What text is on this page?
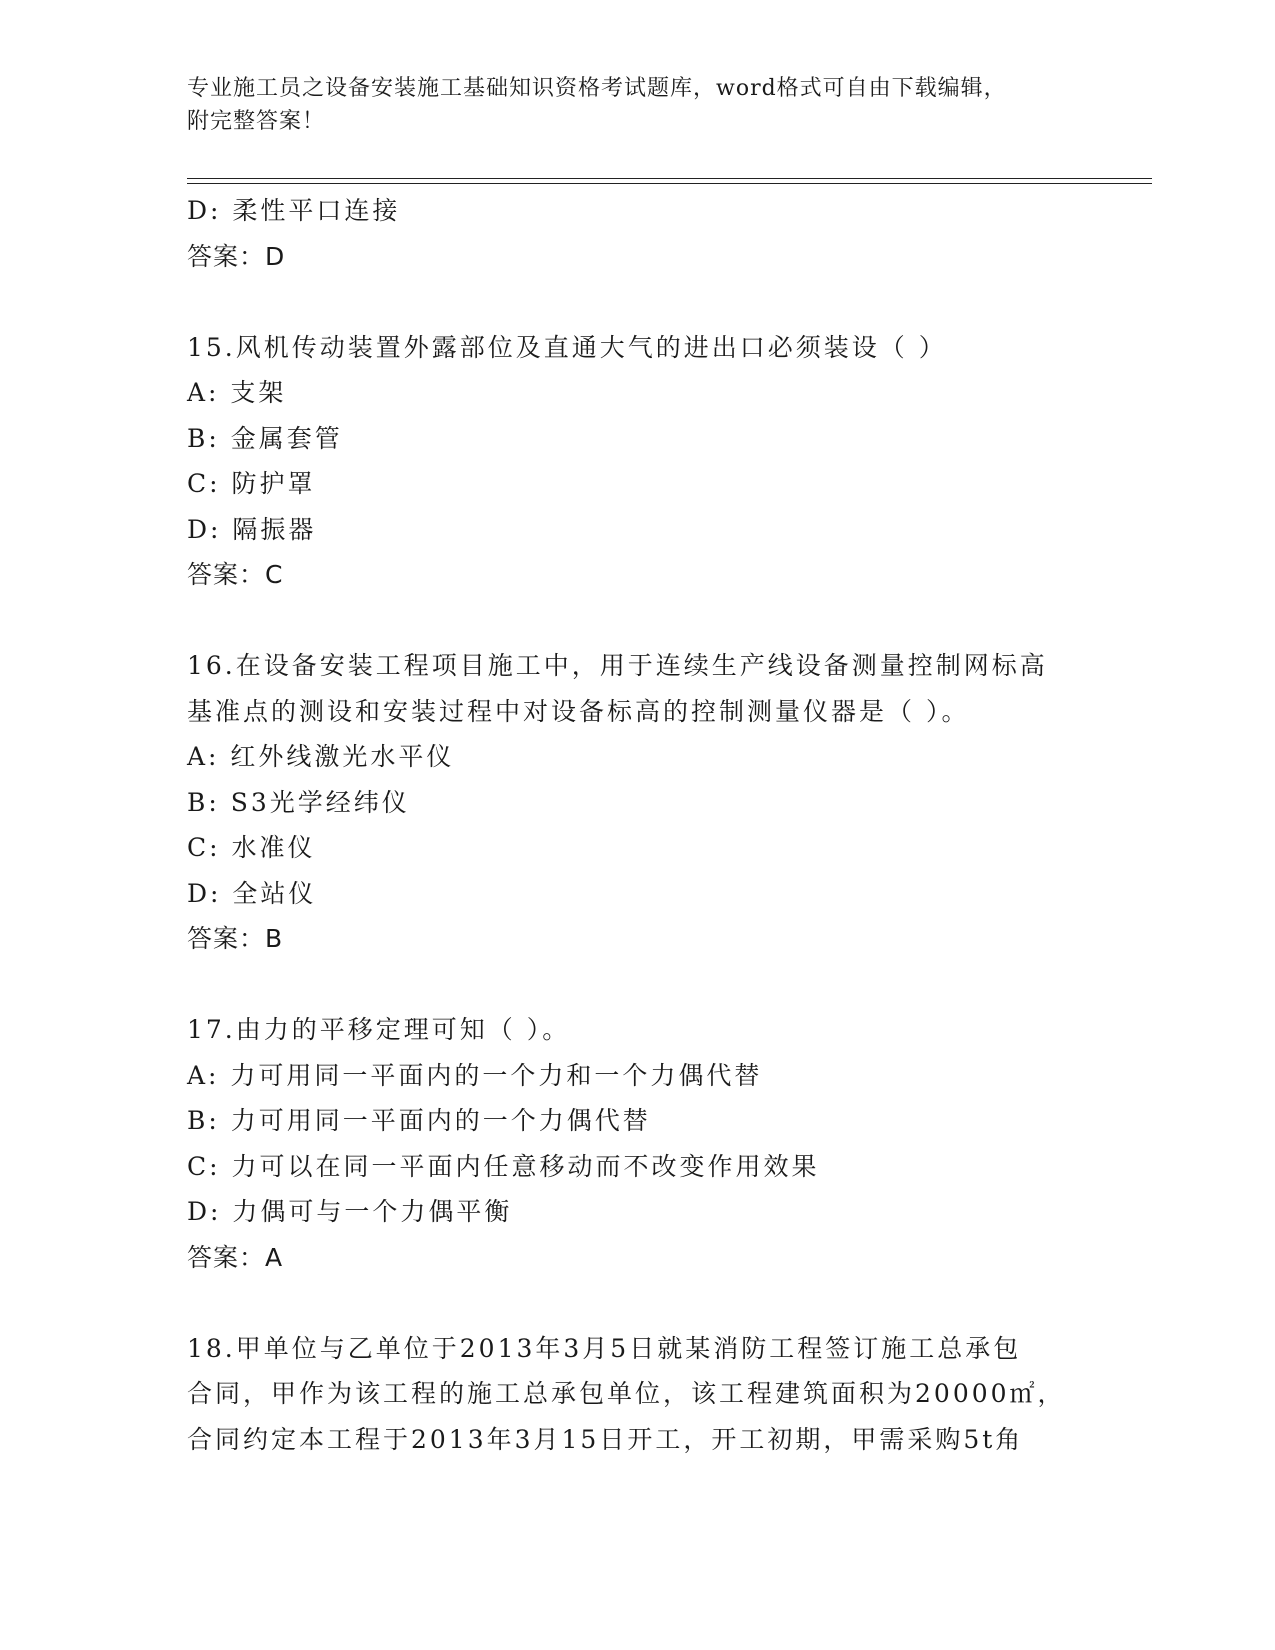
专业施工员之设备安装施工基础知识资格考试题库，word格式可自由下载编辑，
附完整答案！
D: 柔性平口连接
答案：D
15.风机传动装置外露部位及直通大气的进出口必须装设（ ）
A: 支架
B: 金属套管
C: 防护罩
D: 隔振器
答案：C
16.在设备安装工程项目施工中，用于连续生产线设备测量控制网标高
基准点的测设和安装过程中对设备标高的控制测量仪器是（ ）。
A: 红外线激光水平仪
B: S3光学经纬仪
C: 水准仪
D: 全站仪
答案：B
17.由力的平移定理可知（ ）。
A: 力可用同一平面内的一个力和一个力偶代替
B: 力可用同一平面内的一个力偶代替
C: 力可以在同一平面内任意移动而不改变作用效果
D: 力偶可与一个力偶平衡
答案：A
18.甲单位与乙单位于2013年3月5日就某消防工程签订施工总承包
合同，甲作为该工程的施工总承包单位，该工程建筑面积为20000㎡，
合同约定本工程于2013年3月15日开工，开工初期，甲需采购5t角
